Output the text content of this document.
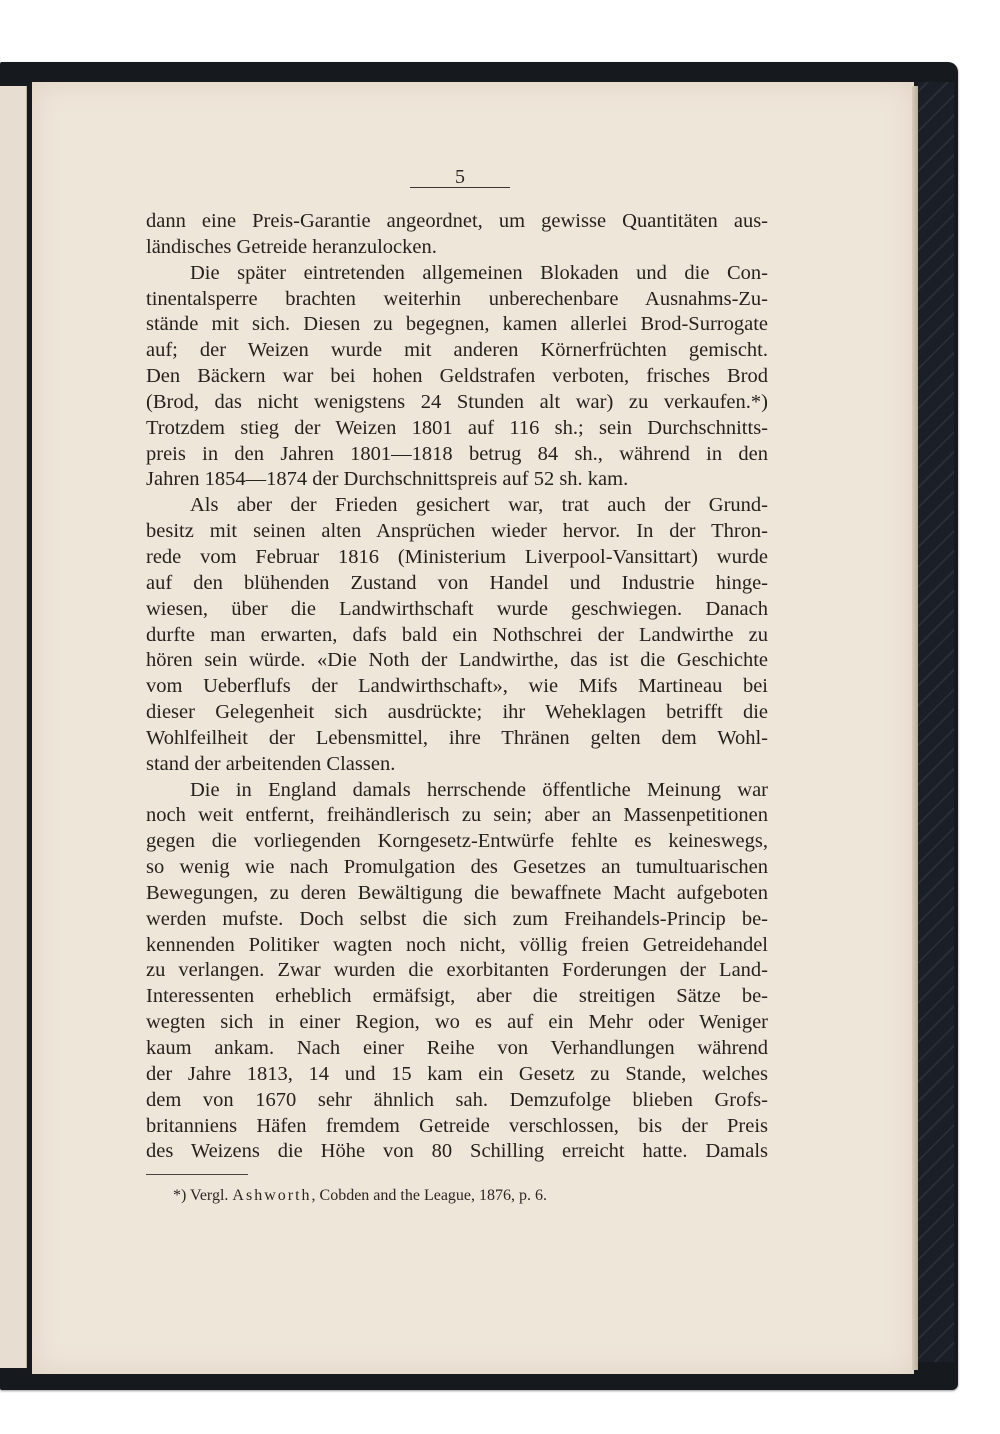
5
dann eine Preis-Garantie angeordnet, um gewisse Quantitäten aus-
ländisches Getreide heranzulocken.
Die später eintretenden allgemeinen Blokaden und die Con-
tinentalsperre brachten weiterhin unberechenbare Ausnahms-Zu-
stände mit sich. Diesen zu begegnen, kamen allerlei Brod-Surrogate
auf; der Weizen wurde mit anderen Körnerfrüchten gemischt.
Den Bäckern war bei hohen Geldstrafen verboten, frisches Brod
(Brod, das nicht wenigstens 24 Stunden alt war) zu verkaufen.*)
Trotzdem stieg der Weizen 1801 auf 116 sh.; sein Durchschnitts-
preis in den Jahren 1801—1818 betrug 84 sh., während in den
Jahren 1854—1874 der Durchschnittspreis auf 52 sh. kam.
Als aber der Frieden gesichert war, trat auch der Grund-
besitz mit seinen alten Ansprüchen wieder hervor. In der Thron-
rede vom Februar 1816 (Ministerium Liverpool-Vansittart) wurde
auf den blühenden Zustand von Handel und Industrie hinge-
wiesen, über die Landwirthschaft wurde geschwiegen. Danach
durfte man erwarten, dafs bald ein Nothschrei der Landwirthe zu
hören sein würde. «Die Noth der Landwirthe, das ist die Geschichte
vom Ueberflufs der Landwirthschaft», wie Mifs Martineau bei
dieser Gelegenheit sich ausdrückte; ihr Weheklagen betrifft die
Wohlfeilheit der Lebensmittel, ihre Thränen gelten dem Wohl-
stand der arbeitenden Classen.
Die in England damals herrschende öffentliche Meinung war
noch weit entfernt, freihändlerisch zu sein; aber an Massenpetitionen
gegen die vorliegenden Korngesetz-Entwürfe fehlte es keineswegs,
so wenig wie nach Promulgation des Gesetzes an tumultuarischen
Bewegungen, zu deren Bewältigung die bewaffnete Macht aufgeboten
werden mufste. Doch selbst die sich zum Freihandels-Princip be-
kennenden Politiker wagten noch nicht, völlig freien Getreidehandel
zu verlangen. Zwar wurden die exorbitanten Forderungen der Land-
Interessenten erheblich ermäfsigt, aber die streitigen Sätze be-
wegten sich in einer Region, wo es auf ein Mehr oder Weniger
kaum ankam. Nach einer Reihe von Verhandlungen während
der Jahre 1813, 14 und 15 kam ein Gesetz zu Stande, welches
dem von 1670 sehr ähnlich sah. Demzufolge blieben Grofs-
britanniens Häfen fremdem Getreide verschlossen, bis der Preis
des Weizens die Höhe von 80 Schilling erreicht hatte. Damals
*) Vergl. Ashworth, Cobden and the League, 1876, p. 6.
